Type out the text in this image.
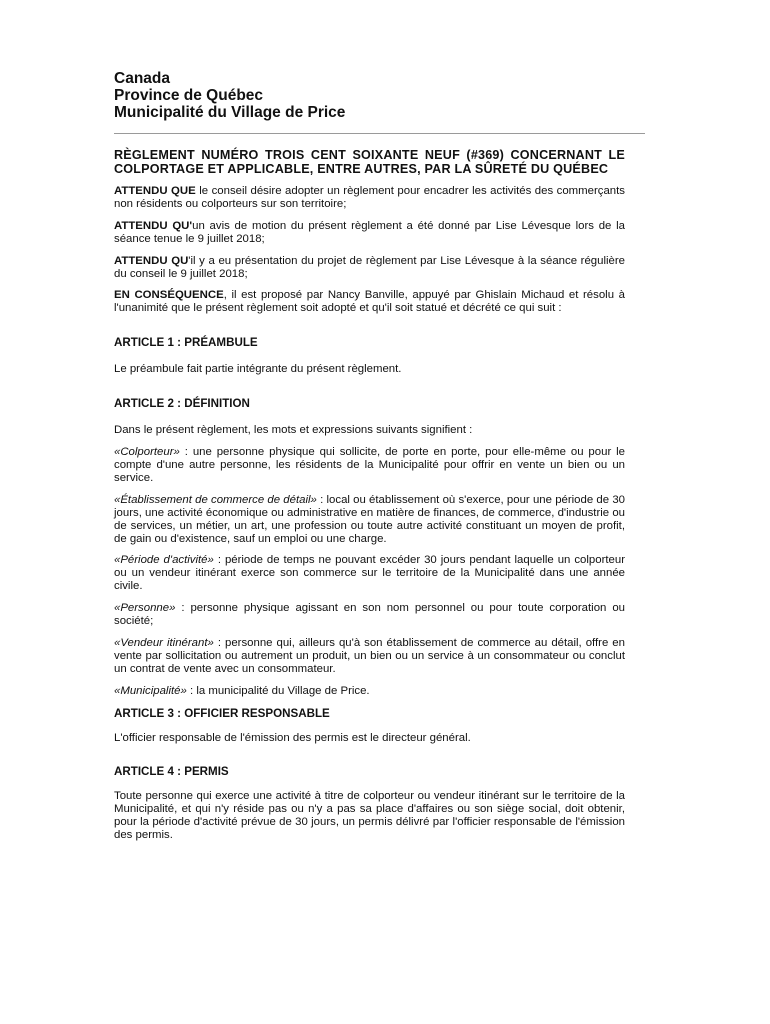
Canada

Province de Québec

Municipalité du Village de Price

RÈGLEMENT NUMÉRO TROIS CENT SOIXANTE NEUF (#369) CONCERNANT LE COLPORTAGE ET APPLICABLE, ENTRE AUTRES, PAR LA SÛRETÉ DU QUÉBEC

ATTENDU QUE le conseil désire adopter un règlement pour encadrer les activités des commerçants non résidents ou colporteurs sur son territoire;

ATTENDU QU'un avis de motion du présent règlement a été donné par Lise Lévesque lors de la séance tenue le 9 juillet 2018;

ATTENDU QU'il y a eu présentation du projet de règlement par Lise Lévesque à la séance régulière du conseil le 9 juillet 2018;

EN CONSÉQUENCE, il est proposé par Nancy Banville, appuyé par Ghislain Michaud et résolu à l'unanimité que le présent règlement soit adopté et qu'il soit statué et décrété ce qui suit :

ARTICLE 1 : PRÉAMBULE

Le préambule fait partie intégrante du présent règlement.

ARTICLE 2 : DÉFINITION

Dans le présent règlement, les mots et expressions suivants signifient :

«Colporteur» : une personne physique qui sollicite, de porte en porte, pour elle-même ou pour le compte d'une autre personne, les résidents de la Municipalité pour offrir en vente un bien ou un service.

«Établissement de commerce de détail» : local ou établissement où s'exerce, pour une période de 30 jours, une activité économique ou administrative en matière de finances, de commerce, d'industrie ou de services, un métier, un art, une profession ou toute autre activité constituant un moyen de profit, de gain ou d'existence, sauf un emploi ou une charge.

«Période d'activité» : période de temps ne pouvant excéder 30 jours pendant laquelle un colporteur ou un vendeur itinérant exerce son commerce sur le territoire de la Municipalité dans une année civile.

«Personne» : personne physique agissant en son nom personnel ou pour toute corporation ou société;

«Vendeur itinérant» : personne qui, ailleurs qu'à son établissement de commerce au détail, offre en vente par sollicitation ou autrement un produit, un bien ou un service à un consommateur ou conclut un contrat de vente avec un consommateur.

«Municipalité» : la municipalité du Village de Price.

ARTICLE 3 : OFFICIER RESPONSABLE

L'officier responsable de l'émission des permis est le directeur général.

ARTICLE 4 : PERMIS

Toute personne qui exerce une activité à titre de colporteur ou vendeur itinérant sur le territoire de la Municipalité, et qui n'y réside pas ou n'y a pas sa place d'affaires ou son siège social, doit obtenir, pour la période d'activité prévue de 30 jours, un permis délivré par l'officier responsable de l'émission des permis.
